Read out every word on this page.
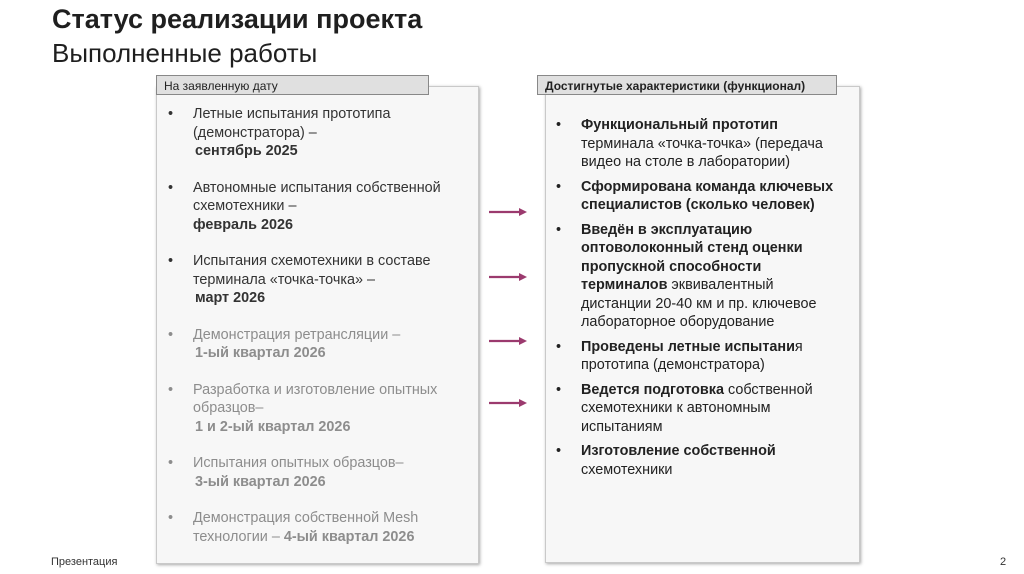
Статус реализации проекта
Выполненные работы
На заявленную дату	Достигнутые характеристики (функционал)
• Летные испытания прототипа (демонстратора) –
сентябрь 2025
• Автономные испытания собственной схемотехники –
февраль 2026
• Испытания схемотехники в составе терминала «точка-точка» –
март 2026
• Демонстрация ретрансляции –
1-ый квартал 2026
• Разработка и изготовление опытных образцов–
1 и 2-ый квартал 2026
• Испытания опытных образцов–
3-ый квартал 2026
• Демонстрация собственной Mesh технологии – 4-ый квартал 2026
• Функциональный прототип терминала «точка-точка» (передача видео на столе в лаборатории)
• Сформирована команда ключевых специалистов (сколько человек)
• Введён в эксплуатацию оптоволоконный стенд оценки пропускной способности терминалов эквивалентный дистанции 20-40 км и пр. ключевое лабораторное оборудование
• Проведены летные испытания прототипа (демонстратора)
• Ведется подготовка собственной схемотехники к автономным испытаниям
• Изготовление собственной схемотехники
Презентация	2
